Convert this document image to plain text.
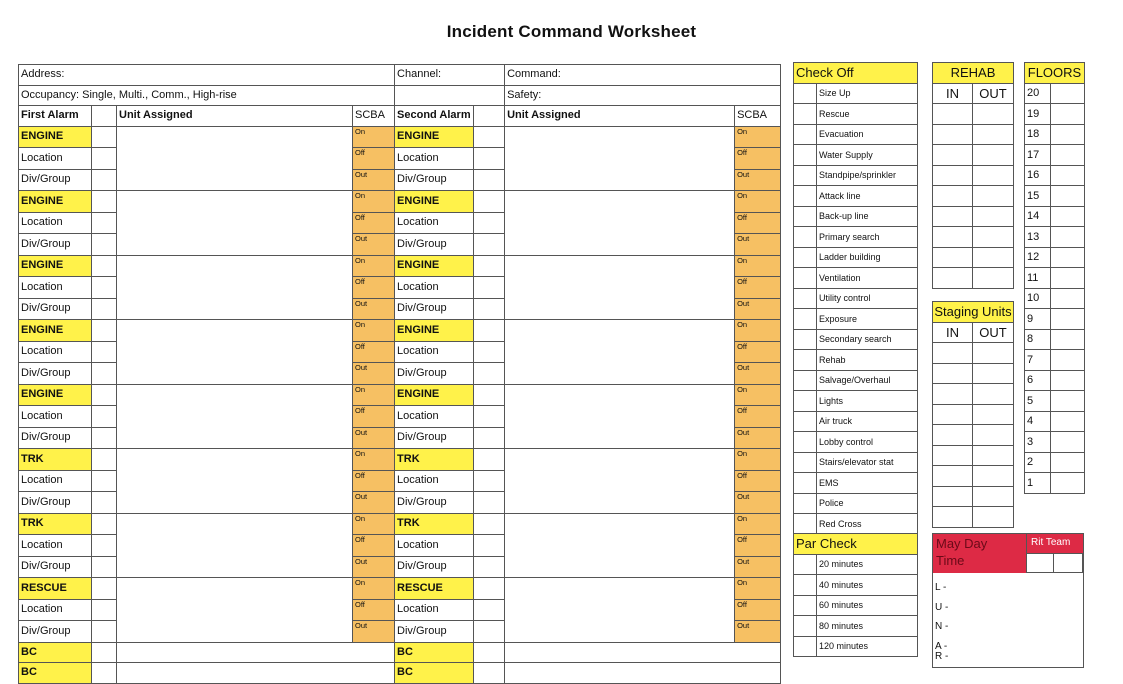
Incident Command Worksheet
Address:				Channel:		Command:	
Occupancy: Single, Multi., Comm., High-rise						Safety:	
First Alarm		Unit Assigned	SCBA	Second Alarm		Unit Assigned	SCBA
ENGINE			On	ENGINE			On
Location			Off	Location			Off
Div/Group			Out	Div/Group			Out
ENGINE			On	ENGINE			On
Location			Off	Location			Off
Div/Group			Out	Div/Group			Out
ENGINE			On	ENGINE			On
Location			Off	Location			Off
Div/Group			Out	Div/Group			Out
ENGINE			On	ENGINE			On
Location			Off	Location			Off
Div/Group			Out	Div/Group			Out
ENGINE			On	ENGINE			On
Location			Off	Location			Off
Div/Group			Out	Div/Group			Out
TRK			On	TRK			On
Location			Off	Location			Off
Div/Group			Out	Div/Group			Out
TRK			On	TRK			On
Location			Off	Location			Off
Div/Group			Out	Div/Group			Out
RESCUE			On	RESCUE			On
Location			Off	Location			Off
Div/Group			Out	Div/Group			Out
BC				BC			
BC				BC			
Check Off	
	Size Up
	Rescue
	Evacuation
	Water Supply
	Standpipe/sprinkler
	Attack line
	Back-up line
	Primary search
	Ladder building
	Ventilation
	Utility control
	Exposure
	Secondary search
	Rehab
	Salvage/Overhaul
	Lights
	Air truck
	Lobby control
	Stairs/elevator stat
	EMS
	Police
	Red Cross
REHAB	
IN	OUT

Staging Units	
IN	OUT

FLOORS	
20	
19	
18	
17	
16	
15	
14	
13	
12	
11	
10	
9	
8	
7	
6	
5	
4	
3	
2	
1	
Par Check	
	20 minutes
	40 minutes
	60 minutes
	80 minutes
	120 minutes
May Day
Time
Rit Team
L -
U -
N -
A -
R -
